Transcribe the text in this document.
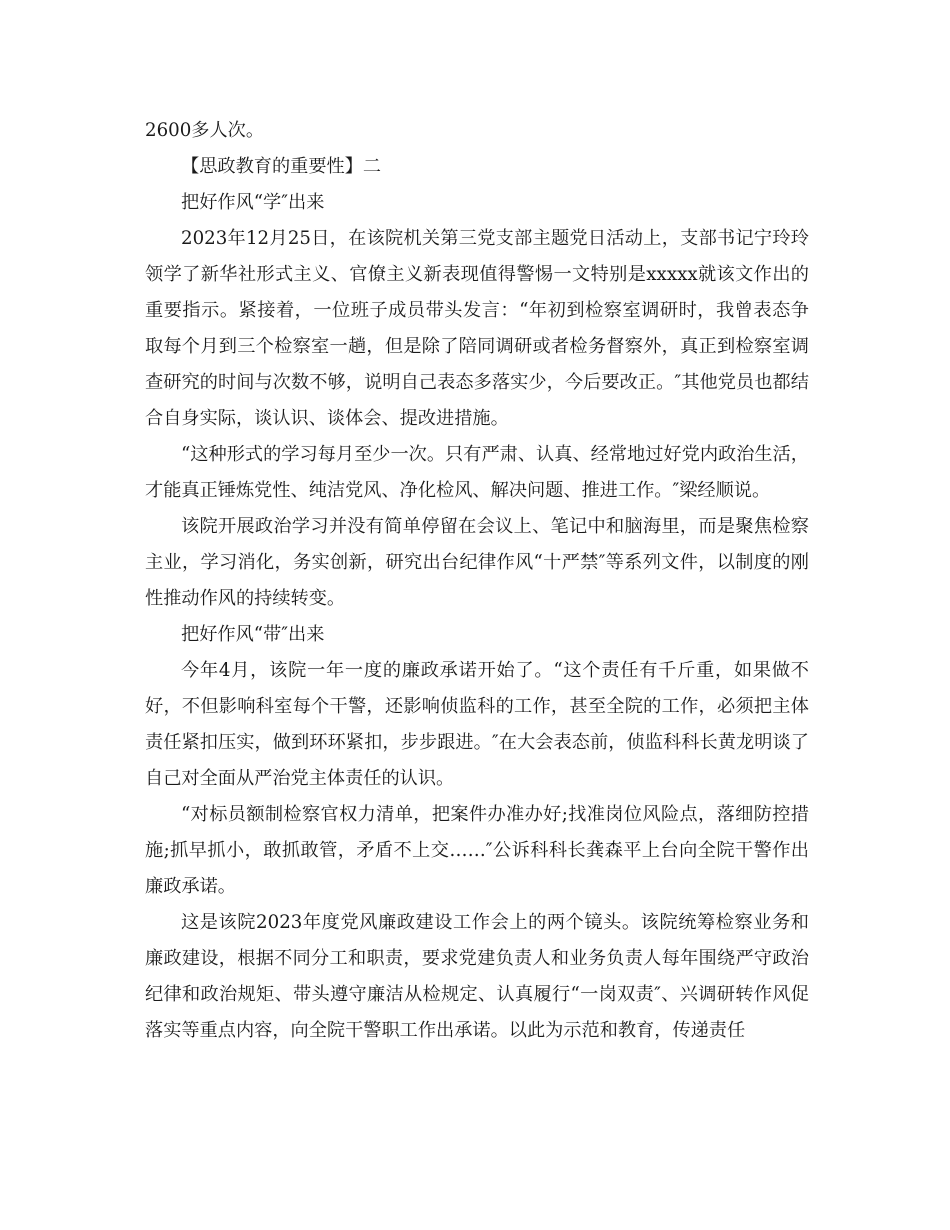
2600多人次。

【思政教育的重要性】二

把好作风“学″出来

2023年12月25日，在该院机关第三党支部主题党日活动上，支部书记宁玲玲领学了新华社形式主义、官僚主义新表现值得警惕一文特别是xxxxx就该文作出的重要指示。紧接着，一位班子成员带头发言：“年初到检察室调研时，我曾表态争取每个月到三个检察室一趟，但是除了陪同调研或者检务督察外，真正到检察室调查研究的时间与次数不够，说明自己表态多落实少，今后要改正。″其他党员也都结合自身实际，谈认识、谈体会、提改进措施。

“这种形式的学习每月至少一次。只有严肃、认真、经常地过好党内政治生活，才能真正锤炼党性、纯洁党风、净化检风、解决问题、推进工作。″梁经顺说。

该院开展政治学习并没有简单停留在会议上、笔记中和脑海里，而是聚焦检察主业，学习消化，务实创新，研究出台纪律作风“十严禁″等系列文件，以制度的刚性推动作风的持续转变。

把好作风“带″出来

今年4月，该院一年一度的廉政承诺开始了。“这个责任有千斤重，如果做不好，不但影响科室每个干警，还影响侦监科的工作，甚至全院的工作，必须把主体责任紧扣压实，做到环环紧扣，步步跟进。″在大会表态前，侦监科科长黄龙明谈了自己对全面从严治党主体责任的认识。

“对标员额制检察官权力清单，把案件办准办好;找准岗位风险点，落细防控措施;抓早抓小，敢抓敢管，矛盾不上交……″公诉科科长龚森平上台向全院干警作出廉政承诺。

这是该院2023年度党风廉政建设工作会上的两个镜头。该院统筹检察业务和廉政建设，根据不同分工和职责，要求党建负责人和业务负责人每年围绕严守政治纪律和政治规矩、带头遵守廉洁从检规定、认真履行“一岗双责″、兴调研转作风促落实等重点内容，向全院干警职工作出承诺。以此为示范和教育，传递责任
